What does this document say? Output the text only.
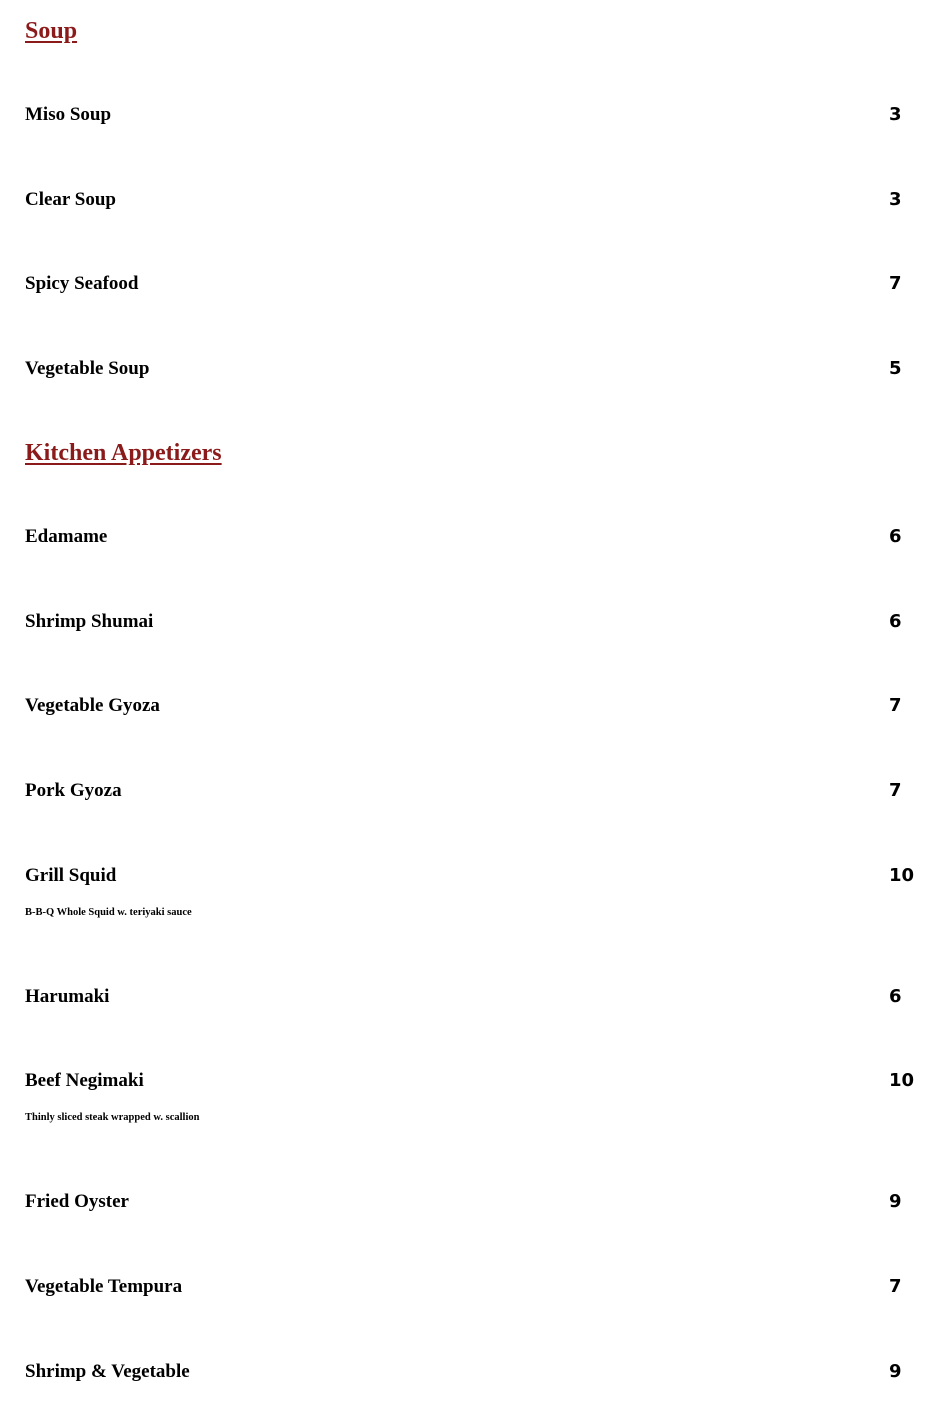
Soup
Miso Soup	3
Clear Soup	3
Spicy Seafood	7
Vegetable Soup	5
Kitchen Appetizers
Edamame	6
Shrimp Shumai	6
Vegetable Gyoza	7
Pork Gyoza	7
Grill Squid	10
B-B-Q Whole Squid w. teriyaki sauce
Harumaki	6
Beef Negimaki	10
Thinly sliced steak wrapped w. scallion
Fried Oyster	9
Vegetable Tempura	7
Shrimp & Vegetable	9
